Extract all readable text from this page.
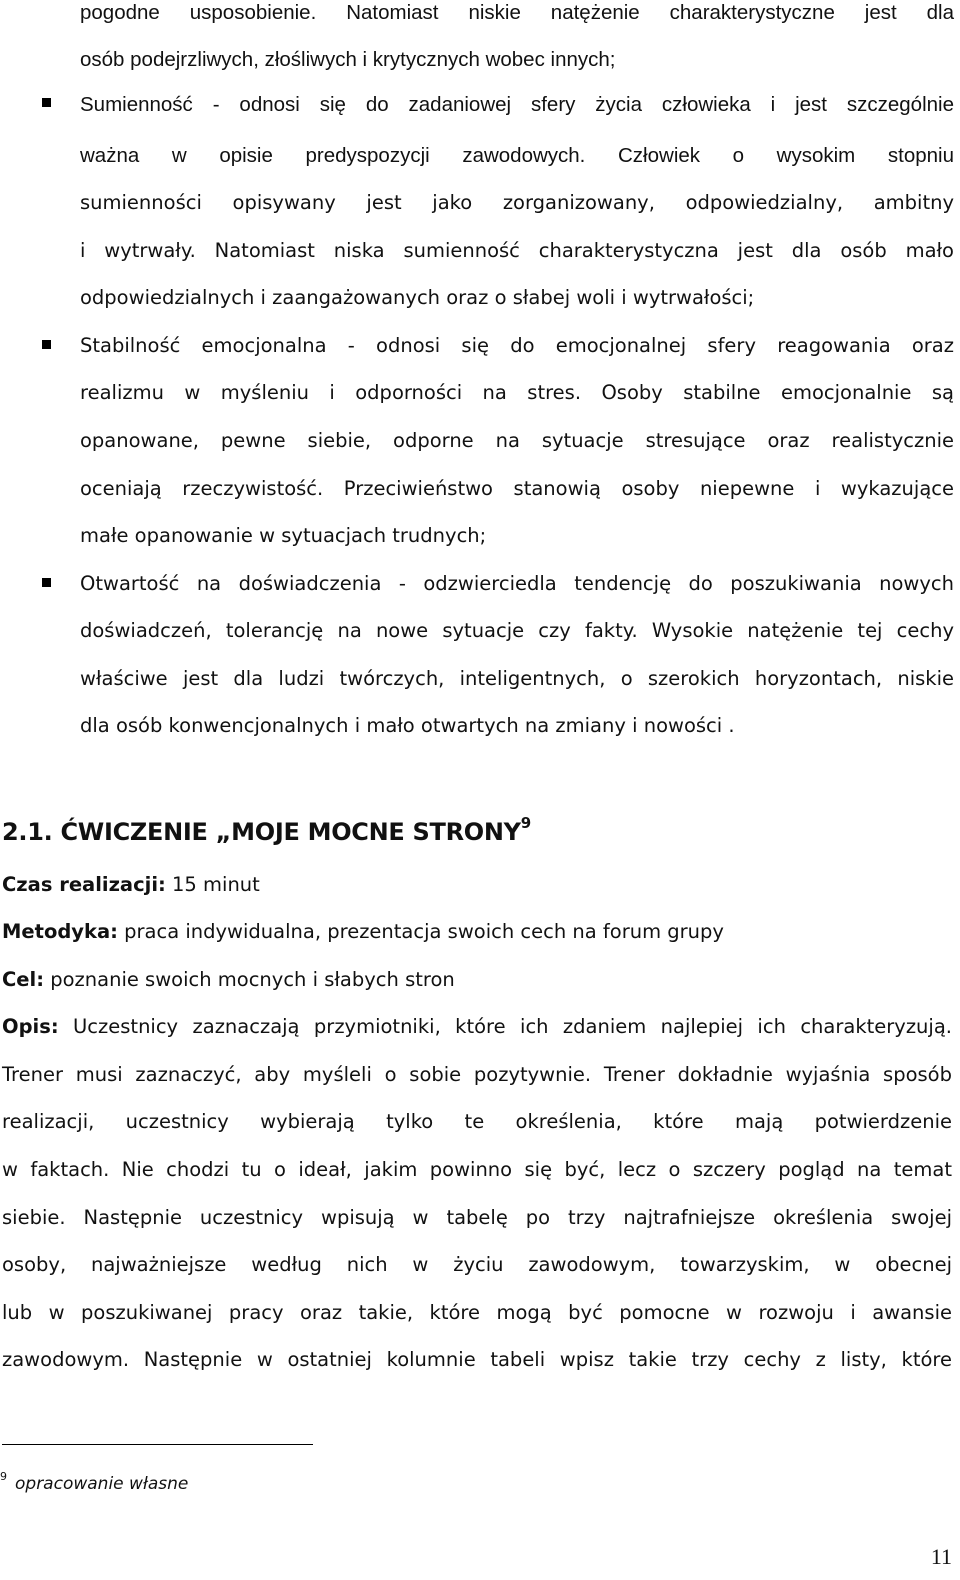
pogodne usposobienie. Natomiast niskie natężenie charakterystyczne jest dla
osób podejrzliwych, złośliwych i krytycznych wobec innych;
Sumienność - odnosi się do zadaniowej sfery życia człowieka i jest szczególnie
ważna w opisie predyspozycji zawodowych. Człowiek o wysokim stopniu
sumienności opisywany jest jako zorganizowany, odpowiedzialny, ambitny
i wytrwały. Natomiast niska sumienność charakterystyczna jest dla osób mało
odpowiedzialnych i zaangażowanych oraz o słabej woli i wytrwałości;
Stabilność emocjonalna - odnosi się do emocjonalnej sfery reagowania oraz
realizmu w myśleniu i odporności na stres. Osoby stabilne emocjonalnie są
opanowane, pewne siebie, odporne na sytuacje stresujące oraz realistycznie
oceniają rzeczywistość. Przeciwieństwo stanowią osoby niepewne i wykazujące
małe opanowanie w sytuacjach trudnych;
Otwartość na doświadczenia - odzwierciedla tendencję do poszukiwania nowych
doświadczeń, tolerancję na nowe sytuacje czy fakty. Wysokie natężenie tej cechy
właściwe jest dla ludzi twórczych, inteligentnych, o szerokich horyzontach, niskie
dla osób konwencjonalnych i mało otwartych na zmiany i nowości .
2.1. ĆWICZENIE „MOJE MOCNE STRONY$^9$
Czas realizacji: 15 minut
Metodyka: praca indywidualna, prezentacja swoich cech na forum grupy
Cel: poznanie swoich mocnych i słabych stron
Opis: Uczestnicy zaznaczają przymiotniki, które ich zdaniem najlepiej ich charakteryzują.
Trener musi zaznaczyć, aby myśleli o sobie pozytywnie. Trener dokładnie wyjaśnia sposób
realizacji, uczestnicy wybierają tylko te określenia, które mają potwierdzenie
w faktach. Nie chodzi tu o ideał, jakim powinno się być, lecz o szczery pogląd na temat
siebie. Następnie uczestnicy wpisują w tabelę po trzy najtrafniejsze określenia swojej
osoby, najważniejsze według nich w życiu zawodowym, towarzyskim, w obecnej
lub w poszukiwanej pracy oraz takie, które mogą być pomocne w rozwoju i awansie
zawodowym. Następnie w ostatniej kolumnie tabeli wpisz takie trzy cechy z listy, które
$^9$ opracowanie własne
11
